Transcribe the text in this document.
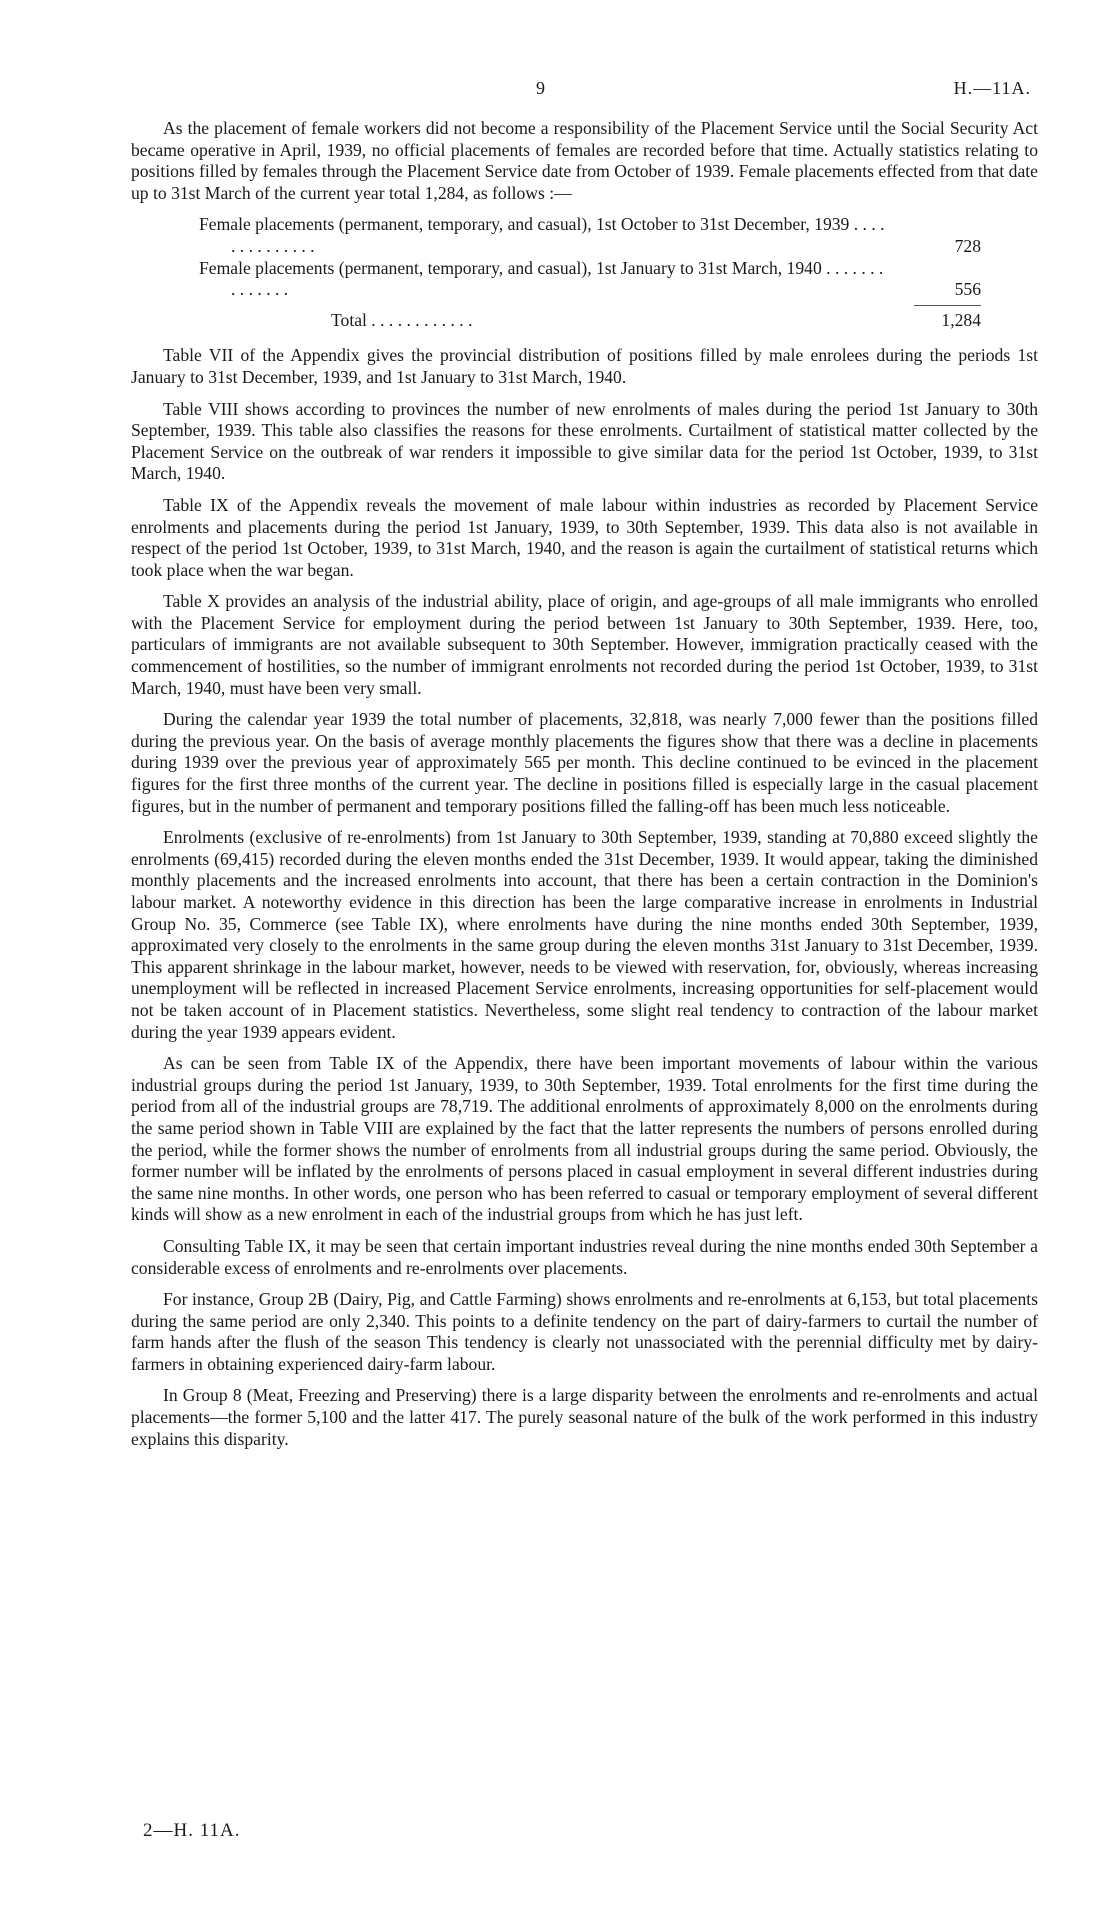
9	H.—11A.

As the placement of female workers did not become a responsibility of the Placement Service until the Social Security Act became operative in April, 1939, no official placements of females are recorded before that time. Actually statistics relating to positions filled by females through the Placement Service date from October of 1939. Female placements effected from that date up to 31st March of the current year total 1,284, as follows :—

Female placements (permanent, temporary, and casual), 1st October to 31st December, 1939 . . . . . . . . . . . . . .	728
Female placements (permanent, temporary, and casual), 1st January to 31st March, 1940 . . . . . . . . . . . . . .	556
Total . . . . . . . . . . . .	1,284

Table VII of the Appendix gives the provincial distribution of positions filled by male enrolees during the periods 1st January to 31st December, 1939, and 1st January to 31st March, 1940.

Table VIII shows according to provinces the number of new enrolments of males during the period 1st January to 30th September, 1939. This table also classifies the reasons for these enrolments. Curtailment of statistical matter collected by the Placement Service on the outbreak of war renders it impossible to give similar data for the period 1st October, 1939, to 31st March, 1940.

Table IX of the Appendix reveals the movement of male labour within industries as recorded by Placement Service enrolments and placements during the period 1st January, 1939, to 30th September, 1939. This data also is not available in respect of the period 1st October, 1939, to 31st March, 1940, and the reason is again the curtailment of statistical returns which took place when the war began.

Table X provides an analysis of the industrial ability, place of origin, and age-groups of all male immigrants who enrolled with the Placement Service for employment during the period between 1st January to 30th September, 1939. Here, too, particulars of immigrants are not available subsequent to 30th September. However, immigration practically ceased with the commencement of hostilities, so the number of immigrant enrolments not recorded during the period 1st October, 1939, to 31st March, 1940, must have been very small.

During the calendar year 1939 the total number of placements, 32,818, was nearly 7,000 fewer than the positions filled during the previous year. On the basis of average monthly placements the figures show that there was a decline in placements during 1939 over the previous year of approximately 565 per month. This decline continued to be evinced in the placement figures for the first three months of the current year. The decline in positions filled is especially large in the casual placement figures, but in the number of permanent and temporary positions filled the falling-off has been much less noticeable.

Enrolments (exclusive of re-enrolments) from 1st January to 30th September, 1939, standing at 70,880 exceed slightly the enrolments (69,415) recorded during the eleven months ended the 31st December, 1939. It would appear, taking the diminished monthly placements and the increased enrolments into account, that there has been a certain contraction in the Dominion's labour market. A noteworthy evidence in this direction has been the large comparative increase in enrolments in Industrial Group No. 35, Commerce (see Table IX), where enrolments have during the nine months ended 30th September, 1939, approximated very closely to the enrolments in the same group during the eleven months 31st January to 31st December, 1939. This apparent shrinkage in the labour market, however, needs to be viewed with reservation, for, obviously, whereas increasing unemployment will be reflected in increased Placement Service enrolments, increasing opportunities for self-placement would not be taken account of in Placement statistics. Nevertheless, some slight real tendency to contraction of the labour market during the year 1939 appears evident.

As can be seen from Table IX of the Appendix, there have been important movements of labour within the various industrial groups during the period 1st January, 1939, to 30th September, 1939. Total enrolments for the first time during the period from all of the industrial groups are 78,719. The additional enrolments of approximately 8,000 on the enrolments during the same period shown in Table VIII are explained by the fact that the latter represents the numbers of persons enrolled during the period, while the former shows the number of enrolments from all industrial groups during the same period. Obviously, the former number will be inflated by the enrolments of persons placed in casual employment in several different industries during the same nine months. In other words, one person who has been referred to casual or temporary employment of several different kinds will show as a new enrolment in each of the industrial groups from which he has just left.

Consulting Table IX, it may be seen that certain important industries reveal during the nine months ended 30th September a considerable excess of enrolments and re-enrolments over placements.

For instance, Group 2B (Dairy, Pig, and Cattle Farming) shows enrolments and re-enrolments at 6,153, but total placements during the same period are only 2,340. This points to a definite tendency on the part of dairy-farmers to curtail the number of farm hands after the flush of the season This tendency is clearly not unassociated with the perennial difficulty met by dairy-farmers in obtaining experienced dairy-farm labour.

In Group 8 (Meat, Freezing and Preserving) there is a large disparity between the enrolments and re-enrolments and actual placements—the former 5,100 and the latter 417. The purely seasonal nature of the bulk of the work performed in this industry explains this disparity.

2—H. 11A.
